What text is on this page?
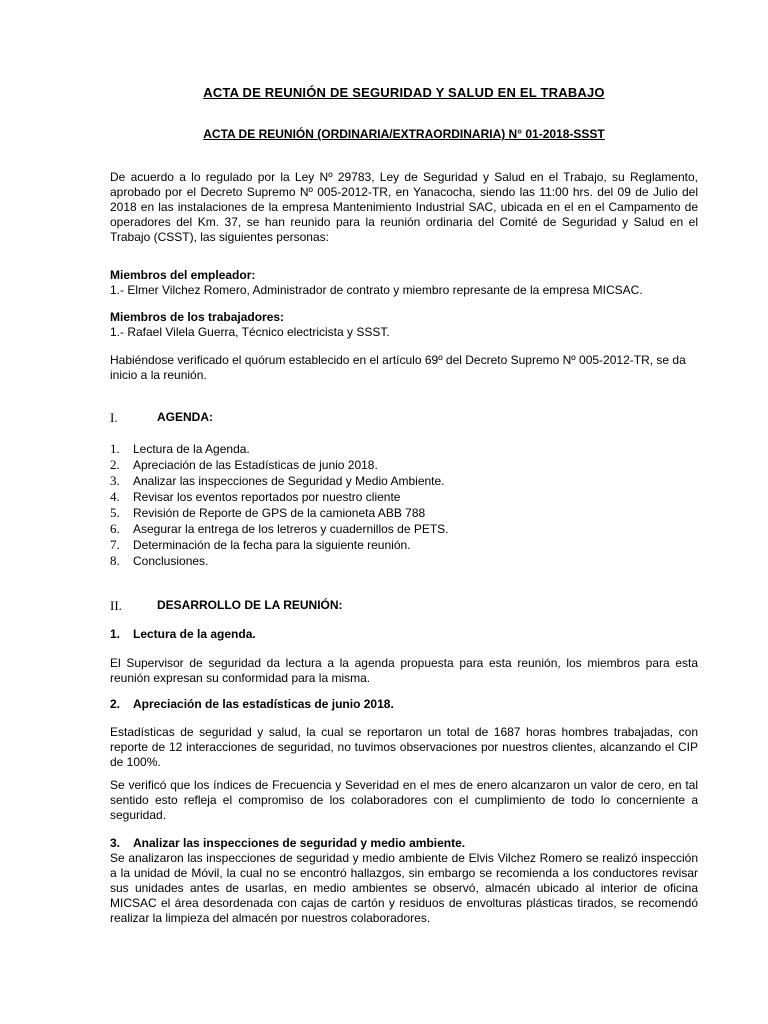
ACTA DE REUNIÓN DE SEGURIDAD Y SALUD EN EL TRABAJO
ACTA DE REUNIÓN (ORDINARIA/EXTRAORDINARIA) N° 01-2018-SSST
De acuerdo a lo regulado por la Ley Nº 29783, Ley de Seguridad y Salud en el Trabajo, su Reglamento, aprobado por el Decreto Supremo Nº 005-2012-TR, en Yanacocha, siendo las 11:00 hrs. del 09 de Julio del 2018 en las instalaciones de la empresa Mantenimiento Industrial SAC, ubicada en el en el Campamento de operadores del Km. 37, se han reunido para la reunión ordinaria del Comité de Seguridad y Salud en el Trabajo (CSST), las siguientes personas:

Miembros del empleador:

1.- Elmer Vilchez Romero, Administrador de contrato y miembro represante de la empresa MICSAC.

Miembros de los trabajadores:

1.- Rafael Vilela Guerra, Técnico electricista y SSST.

Habiéndose verificado el quórum establecido en el artículo 69º del Decreto Supremo Nº 005-2012-TR, se da inicio a la reunión.
I.	AGENDA:
1.	Lectura de la Agenda.
2.	Apreciación de las Estadísticas de junio 2018.
3.	Analizar las inspecciones de Seguridad y Medio Ambiente.
4.	Revisar los eventos reportados por nuestro cliente
5.	Revisión de Reporte de GPS de la camioneta ABB 788
6.	Asegurar la entrega de los letreros y cuadernillos de PETS.
7.	Determinación de la fecha para la siguiente reunión.
8.	Conclusiones.
II.	DESARROLLO DE LA REUNIÓN:
1. Lectura de la agenda.
El Supervisor de seguridad da lectura a la agenda propuesta para esta reunión, los miembros para esta reunión expresan su conformidad para la misma.
2. Apreciación de las estadísticas de junio 2018.
Estadísticas de seguridad y salud, la cual se reportaron un total de 1687 horas hombres trabajadas, con reporte de 12 interacciones de seguridad, no tuvimos observaciones por nuestros clientes, alcanzando el CIP de 100%.
Se verificó que los índices de Frecuencia y Severidad en el mes de enero alcanzaron un valor de cero, en tal sentido esto refleja el compromiso de los colaboradores con el cumplimiento de todo lo concerniente a seguridad.
3. Analizar las inspecciones de seguridad y medio ambiente.
Se analizaron las inspecciones de seguridad y medio ambiente de Elvis Vilchez Romero se realizó inspección a la unidad de Móvil, la cual no se encontró hallazgos, sin embargo se recomienda a los conductores revisar sus unidades antes de usarlas, en medio ambientes se observó, almacén ubicado al interior de oficina MICSAC el área desordenada con cajas de cartón y residuos de envolturas plásticas tirados, se recomendó realizar la limpieza del almacén por nuestros colaboradores.
